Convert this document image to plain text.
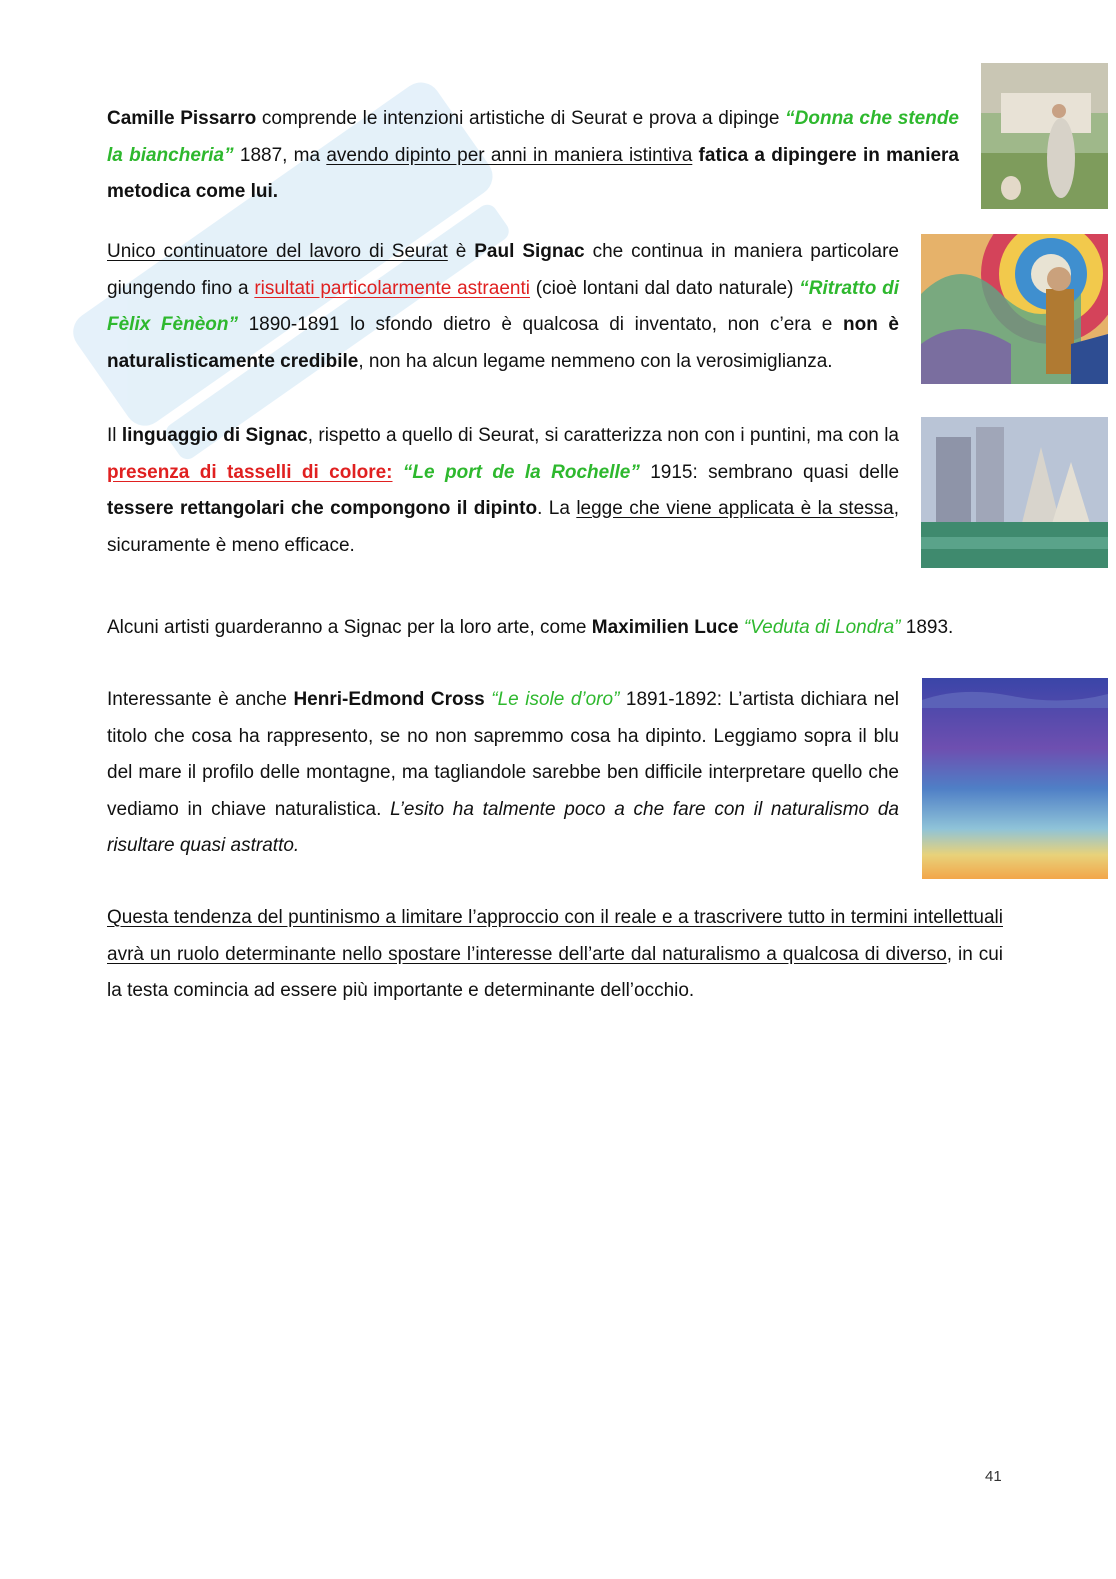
Camille Pissarro comprende le intenzioni artistiche di Seurat e prova a dipinge “Donna che stende la biancheria” 1887, ma avendo dipinto per anni in maniera istintiva fatica a dipingere in maniera metodica come lui.

Unico continuatore del lavoro di Seurat è Paul Signac che continua in maniera particolare giungendo fino a risultati particolarmente astraenti (cioè lontani dal dato naturale) “Ritratto di Fèlix Fènèon” 1890-1891 lo sfondo dietro è qualcosa di inventato, non c’era e non è naturalisticamente credibile, non ha alcun legame nemmeno con la verosimiglianza.

Il linguaggio di Signac, rispetto a quello di Seurat, si caratterizza non con i puntini, ma con la presenza di tasselli di colore: “Le port de la Rochelle” 1915: sembrano quasi delle tessere rettangolari che compongono il dipinto. La legge che viene applicata è la stessa, sicuramente è meno efficace.

Alcuni artisti guarderanno a Signac per la loro arte, come Maximilien Luce “Veduta di Londra” 1893.

Interessante è anche Henri-Edmond Cross “Le isole d’oro” 1891-1892: L’artista dichiara nel titolo che cosa ha rappresento, se no non sapremmo cosa ha dipinto. Leggiamo sopra il blu del mare il profilo delle montagne, ma tagliandole sarebbe ben difficile interpretare quello che vediamo in chiave naturalistica. L’esito ha talmente poco a che fare con il naturalismo da risultare quasi astratto.

Questa tendenza del puntinismo a limitare l’approccio con il reale e a trascrivere tutto in termini intellettuali avrà un ruolo determinante nello spostare l’interesse dell’arte dal naturalismo a qualcosa di diverso, in cui la testa comincia ad essere più importante e determinante dell’occhio.

41
